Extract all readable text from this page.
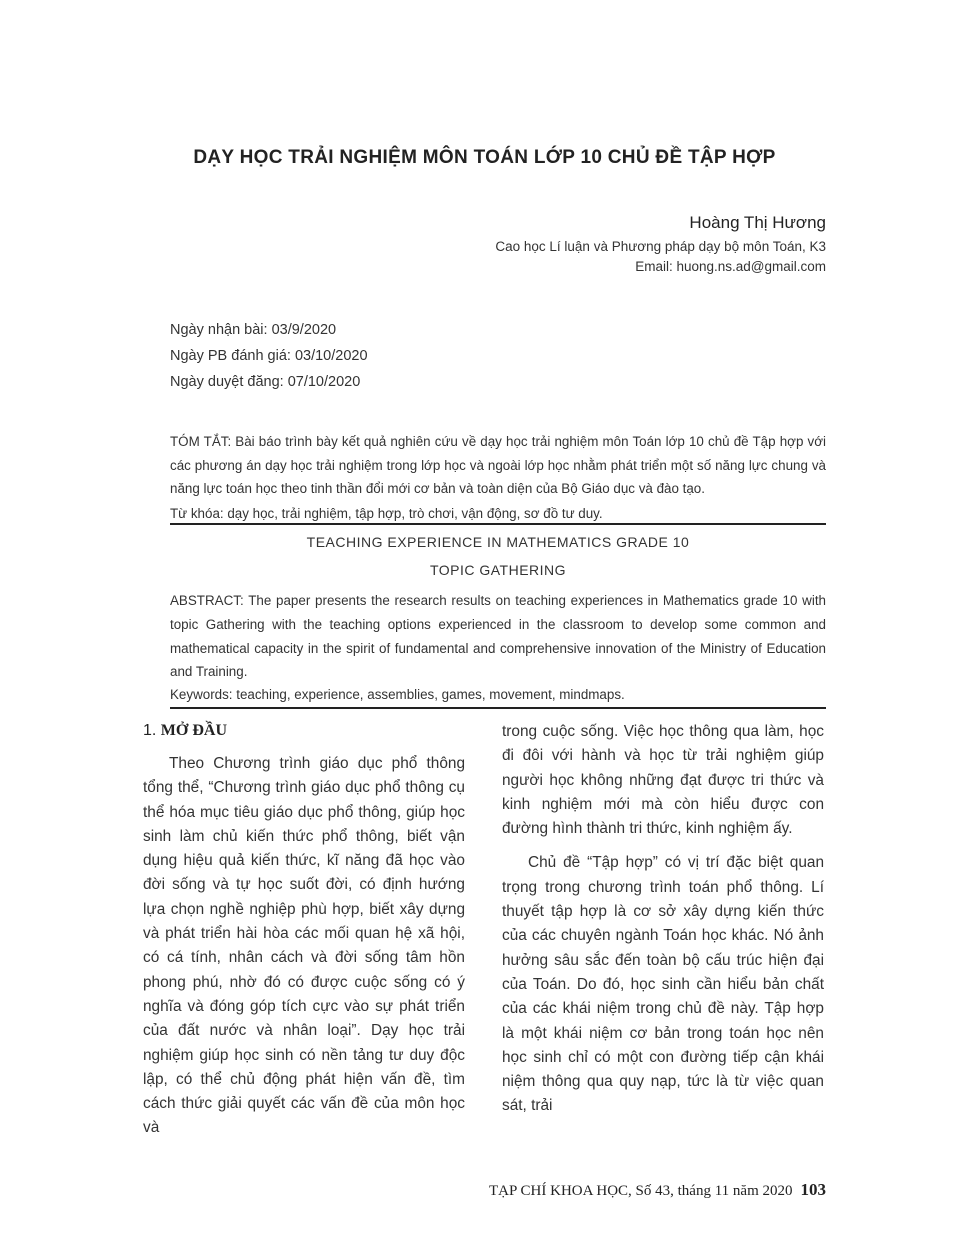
DẠY HỌC TRẢI NGHIỆM MÔN TOÁN LỚP 10 CHỦ ĐỀ TẬP HỢP
Hoàng Thị Hương
Cao học Lí luận và Phương pháp dạy bộ môn Toán, K3
Email: huong.ns.ad@gmail.com
Ngày nhận bài: 03/9/2020
Ngày PB đánh giá: 03/10/2020
Ngày duyệt đăng: 07/10/2020
TÓM TẮT: Bài báo trình bày kết quả nghiên cứu về dạy học trải nghiệm môn Toán lớp 10 chủ đề Tập hợp với các phương án dạy học trải nghiệm trong lớp học và ngoài lớp học nhằm phát triển một số năng lực chung và năng lực toán học theo tinh thần đổi mới cơ bản và toàn diện của Bộ Giáo dục và đào tạo.
Từ khóa: dạy học, trải nghiệm, tập hợp, trò chơi, vận động, sơ đồ tư duy.
TEACHING EXPERIENCE IN MATHEMATICS GRADE 10
TOPIC GATHERING
ABSTRACT: The paper presents the research results on teaching experiences in Mathematics grade 10 with topic Gathering with the teaching options experienced in the classroom to develop some common and mathematical capacity in the spirit of fundamental and comprehensive innovation of the Ministry of Education and Training.
Keywords: teaching, experience, assemblies, games, movement, mindmaps.
1. MỞ ĐẦU

Theo Chương trình giáo dục phổ thông tổng thể, “Chương trình giáo dục phổ thông cụ thể hóa mục tiêu giáo dục phổ thông, giúp học sinh làm chủ kiến thức phổ thông, biết vận dụng hiệu quả kiến thức, kĩ năng đã học vào đời sống và tự học suốt đời, có định hướng lựa chọn nghề nghiệp phù hợp, biết xây dựng và phát triển hài hòa các mối quan hệ xã hội, có cá tính, nhân cách và đời sống tâm hồn phong phú, nhờ đó có được cuộc sống có ý nghĩa và đóng góp tích cực vào sự phát triển của đất nước và nhân loại”. Dạy học trải nghiệm giúp học sinh có nền tảng tư duy độc lập, có thể chủ động phát hiện vấn đề, tìm cách thức giải quyết các vấn đề của môn học và

trong cuộc sống. Việc học thông qua làm, học đi đôi với hành và học từ trải nghiệm giúp người học không những đạt được tri thức và kinh nghiệm mới mà còn hiểu được con đường hình thành tri thức, kinh nghiệm ấy.

Chủ đề “Tập hợp” có vị trí đặc biệt quan trọng trong chương trình toán phổ thông. Lí thuyết tập hợp là cơ sở xây dựng kiến thức của các chuyên ngành Toán học khác. Nó ảnh hưởng sâu sắc đến toàn bộ cấu trúc hiện đại của Toán. Do đó, học sinh cần hiểu bản chất của các khái niệm trong chủ đề này. Tập hợp là một khái niệm cơ bản trong toán học nên học sinh chỉ có một con đường tiếp cận khái niệm thông qua quy nạp, tức là từ việc quan sát, trải

TẠP CHÍ KHOA HỌC, Số 43, tháng 11 năm 2020 103
